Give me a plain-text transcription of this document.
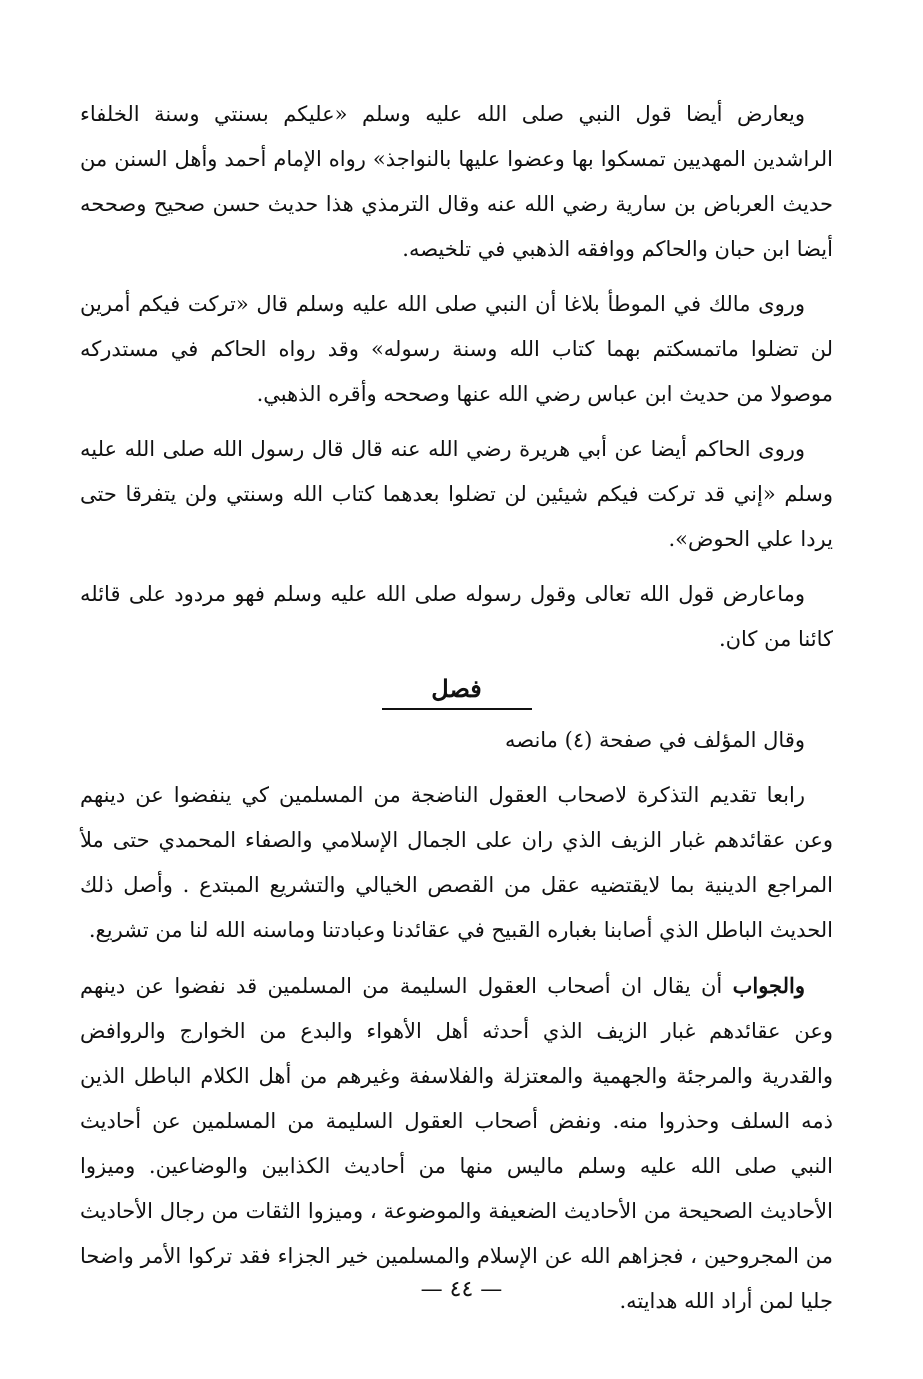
ويعارض أيضا قول النبي صلى الله عليه وسلم «عليكم بسنتي وسنة الخلفاء الراشدين المهديين تمسكوا بها وعضوا عليها بالنواجذ» رواه الإمام أحمد وأهل السنن من حديث العرباض بن سارية رضي الله عنه وقال الترمذي هذا حديث حسن صحيح وصححه أيضا ابن حبان والحاكم ووافقه الذهبي في تلخيصه.

وروى مالك في الموطأ بلاغا أن النبي صلى الله عليه وسلم قال «تركت فيكم أمرين لن تضلوا ماتمسكتم بهما كتاب الله وسنة رسوله» وقد رواه الحاكم في مستدركه موصولا من حديث ابن عباس رضي الله عنها وصححه وأقره الذهبي.

وروى الحاكم أيضا عن أبي هريرة رضي الله عنه قال قال رسول الله صلى الله عليه وسلم «إني قد تركت فيكم شيئين لن تضلوا بعدهما كتاب الله وسنتي ولن يتفرقا حتى يردا علي الحوض».

وماعارض قول الله تعالى وقول رسوله صلى الله عليه وسلم فهو مردود على قائله كائنا من كان.

فصل

وقال المؤلف في صفحة (٤) مانصه

رابعا تقديم التذكرة لاصحاب العقول الناضجة من المسلمين كي ينفضوا عن دينهم وعن عقائدهم غبار الزيف الذي ران على الجمال الإسلامي والصفاء المحمدي حتى ملأ المراجع الدينية بما لايقتضيه عقل من القصص الخيالي والتشريع المبتدع . وأصل ذلك الحديث الباطل الذي أصابنا بغباره القبيح في عقائدنا وعبادتنا وماسنه الله لنا من تشريع.

والجواب أن يقال ان أصحاب العقول السليمة من المسلمين قد نفضوا عن دينهم وعن عقائدهم غبار الزيف الذي أحدثه أهل الأهواء والبدع من الخوارج والروافض والقدرية والمرجئة والجهمية والمعتزلة والفلاسفة وغيرهم من أهل الكلام الباطل الذين ذمه السلف وحذروا منه. ونفض أصحاب العقول السليمة من المسلمين عن أحاديث النبي صلى الله عليه وسلم ماليس منها من أحاديث الكذابين والوضاعين. وميزوا الأحاديث الصحيحة من الأحاديث الضعيفة والموضوعة ، وميزوا الثقات من رجال الأحاديث من المجروحين ، فجزاهم الله عن الإسلام والمسلمين خير الجزاء فقد تركوا الأمر واضحا جليا لمن أراد الله هدايته.

— ٤٤ —
